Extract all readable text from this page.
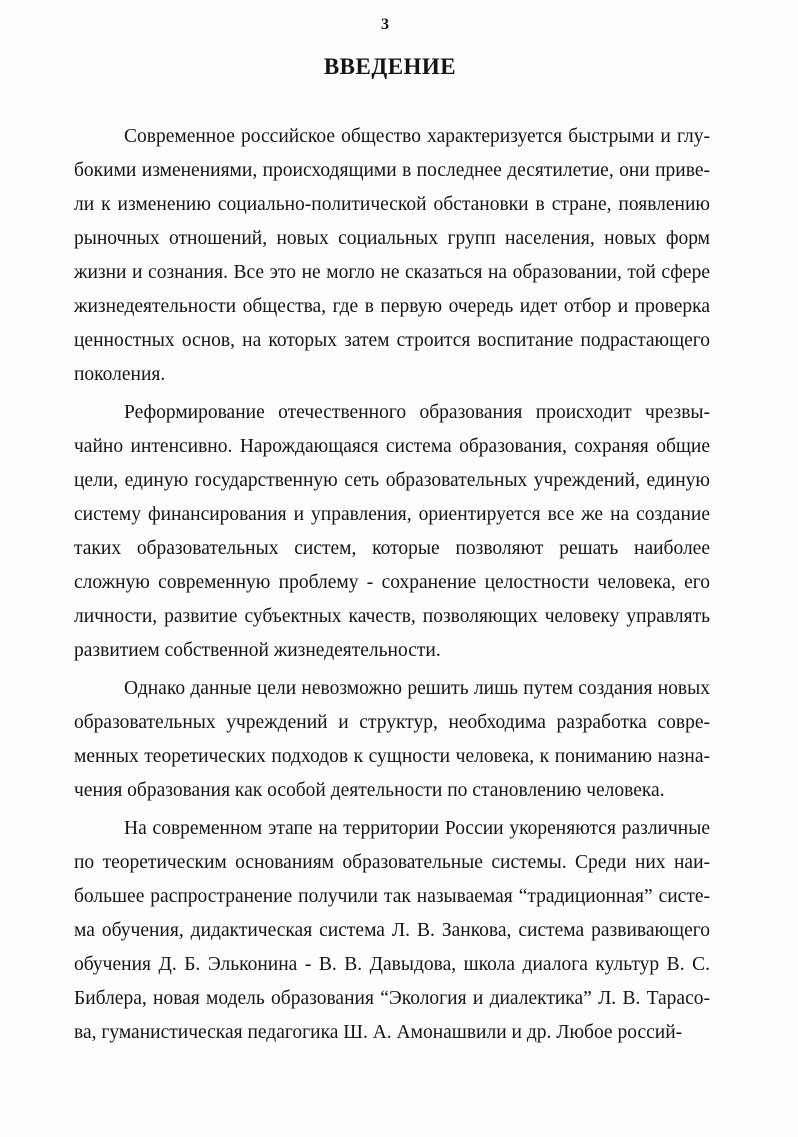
3
ВВЕДЕНИЕ
Современное российское общество характеризуется быстрыми и глу-
бокими изменениями, происходящими в последнее десятилетие, они приве-
ли к изменению социально-политической обстановки в стране, появлению
рыночных отношений, новых социальных групп населения, новых форм
жизни и сознания. Все это не могло не сказаться на образовании, той сфере
жизнедеятельности общества, где в первую очередь идет отбор и проверка
ценностных основ, на которых затем строится воспитание подрастающего
поколения.
Реформирование отечественного образования происходит чрезвы-
чайно интенсивно. Нарождающаяся система образования, сохраняя общие
цели, единую государственную сеть образовательных учреждений, единую
систему финансирования и управления, ориентируется все же на создание
таких образовательных систем, которые позволяют решать наиболее
сложную современную проблему - сохранение целостности человека, его
личности, развитие субъектных качеств, позволяющих человеку управлять
развитием собственной жизнедеятельности.
Однако данные цели невозможно решить лишь путем создания новых
образовательных учреждений и структур, необходима разработка совре-
менных теоретических подходов к сущности человека, к пониманию назна-
чения образования как особой деятельности по становлению человека.
На современном этапе на территории России укореняются различные
по теоретическим основаниям образовательные системы. Среди них наи-
большее распространение получили так называемая “традиционная” систе-
ма обучения, дидактическая система Л. В. Занкова, система развивающего
обучения Д. Б. Эльконина - В. В. Давыдова, школа диалога культур В. С.
Библера, новая модель образования “Экология и диалектика” Л. В. Тарасо-
ва, гуманистическая педагогика Ш. А. Амонашвили и др. Любое россий-
